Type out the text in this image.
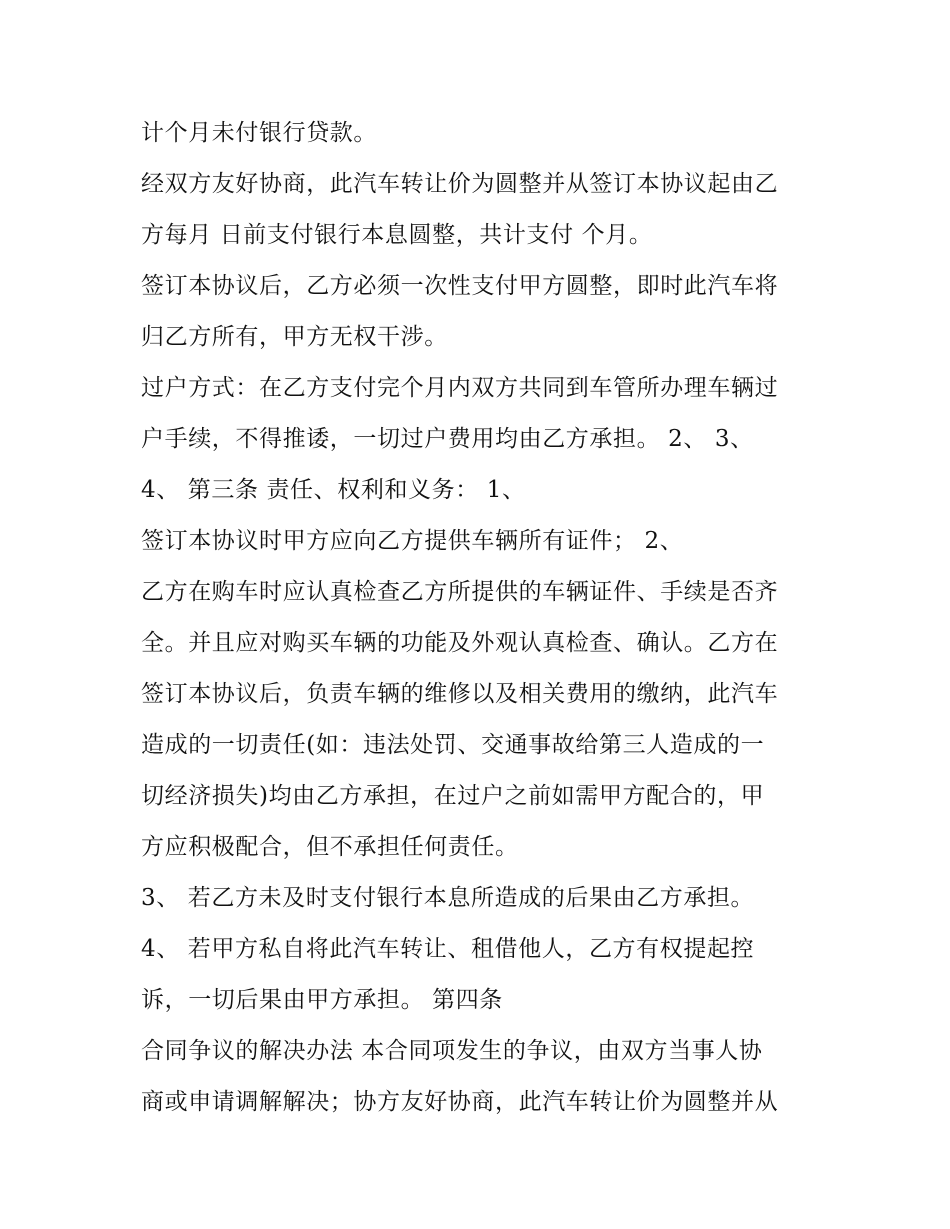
计个月未付银行贷款。
经双方友好协商，此汽车转让价为圆整并从签订本协议起由乙
方每月 日前支付银行本息圆整，共计支付 个月。
签订本协议后，乙方必须一次性支付甲方圆整，即时此汽车将
归乙方所有，甲方无权干涉。
过户方式：在乙方支付完个月内双方共同到车管所办理车辆过
户手续，不得推诿，一切过户费用均由乙方承担。 2、 3、
4、 第三条 责任、权利和义务： 1、
签订本协议时甲方应向乙方提供车辆所有证件； 2、
乙方在购车时应认真检查乙方所提供的车辆证件、手续是否齐
全。并且应对购买车辆的功能及外观认真检查、确认。乙方在
签订本协议后，负责车辆的维修以及相关费用的缴纳，此汽车
造成的一切责任(如：违法处罚、交通事故给第三人造成的一
切经济损失)均由乙方承担，在过户之前如需甲方配合的，甲
方应积极配合，但不承担任何责任。
3、 若乙方未及时支付银行本息所造成的后果由乙方承担。
4、 若甲方私自将此汽车转让、租借他人，乙方有权提起控
诉，一切后果由甲方承担。 第四条
合同争议的解决办法 本合同项发生的争议，由双方当事人协
商或申请调解解决；协方友好协商，此汽车转让价为圆整并从
